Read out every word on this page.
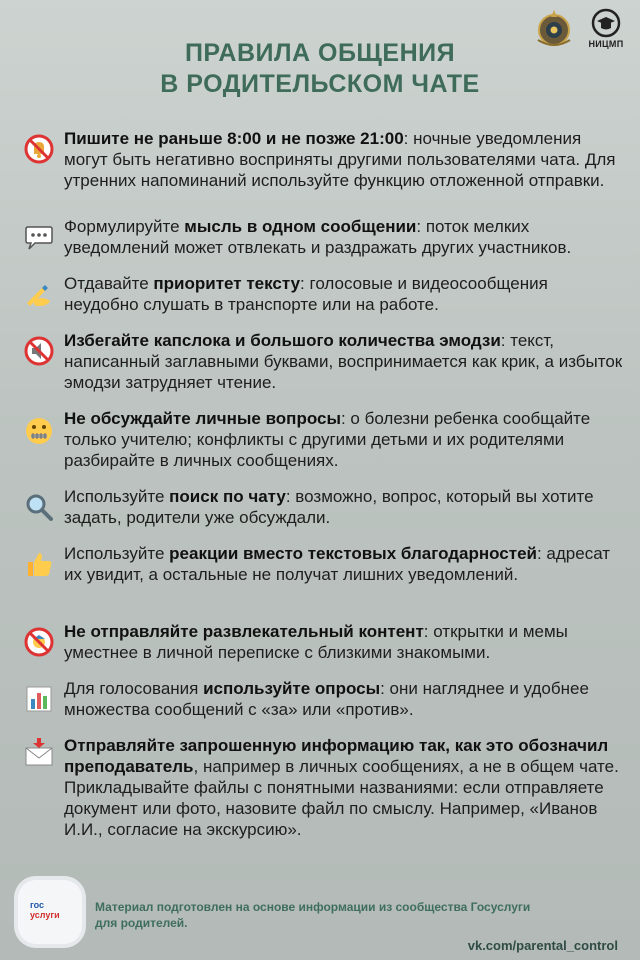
НИЦМП
ПРАВИЛА ОБЩЕНИЯ
В РОДИТЕЛЬСКОМ ЧАТЕ
Пишите не раньше 8:00 и не позже 21:00: ночные уведомления могут быть негативно восприняты другими пользователями чата. Для утренних напоминаний используйте функцию отложенной отправки.
Формулируйте мысль в одном сообщении: поток мелких уведомлений может отвлекать и раздражать других участников.
Отдавайте приоритет тексту: голосовые и видеосообщения неудобно слушать в транспорте или на работе.
Избегайте капслока и большого количества эмодзи: текст, написанный заглавными буквами, воспринимается как крик, а избыток эмодзи затрудняет чтение.
Не обсуждайте личные вопросы: о болезни ребенка сообщайте только учителю; конфликты с другими детьми и их родителями разбирайте в личных сообщениях.
Используйте поиск по чату: возможно, вопрос, который вы хотите задать, родители уже обсуждали.
Используйте реакции вместо текстовых благодарностей: адресат их увидит, а остальные не получат лишних уведомлений.
Не отправляйте развлекательный контент: открытки и мемы уместнее в личной переписке с близкими знакомыми.
Для голосования используйте опросы: они нагляднее и удобнее множества сообщений с «за» или «против».
Отправляйте запрошенную информацию так, как это обозначил преподаватель, например в личных сообщениях, а не в общем чате. Прикладывайте файлы с понятными названиями: если отправляете документ или фото, назовите файл по смыслу. Например, «Иванов И.И., согласие на экскурсию».
гос
услуги
Материал подготовлен на основе информации из сообщества Госуслуги для родителей.
vk.com/parental_control
